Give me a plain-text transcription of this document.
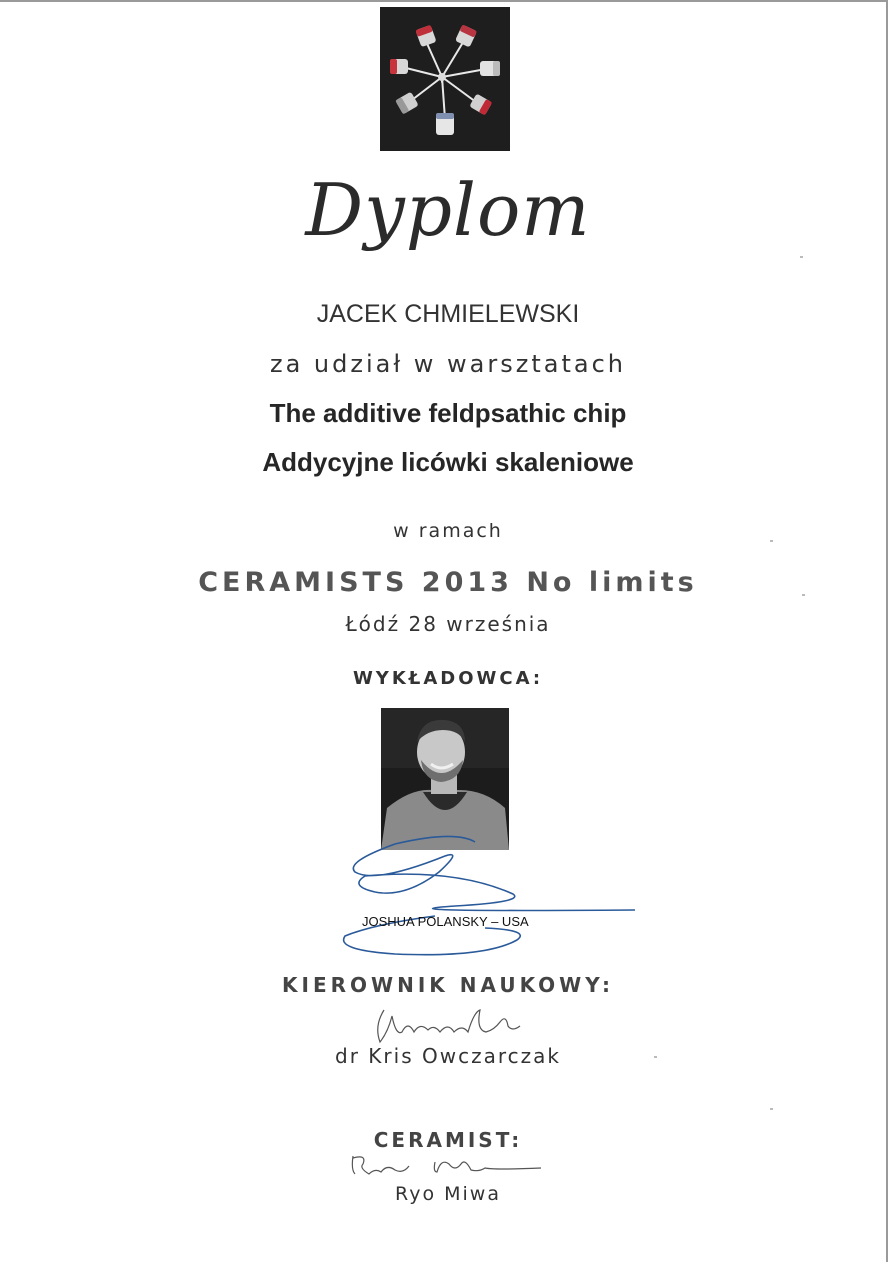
Dyplom
JACEK CHMIELEWSKI
za udział w warsztatach
The additive feldpsathic chip
Addycyjne licówki skaleniowe
w ramach
CERAMISTS 2013 No limits
Łódź 28 września
WYKŁADOWCA:
JOSHUA POLANSKY – USA
KIEROWNIK NAUKOWY:
dr Kris Owczarczak
CERAMIST:
Ryo Miwa
